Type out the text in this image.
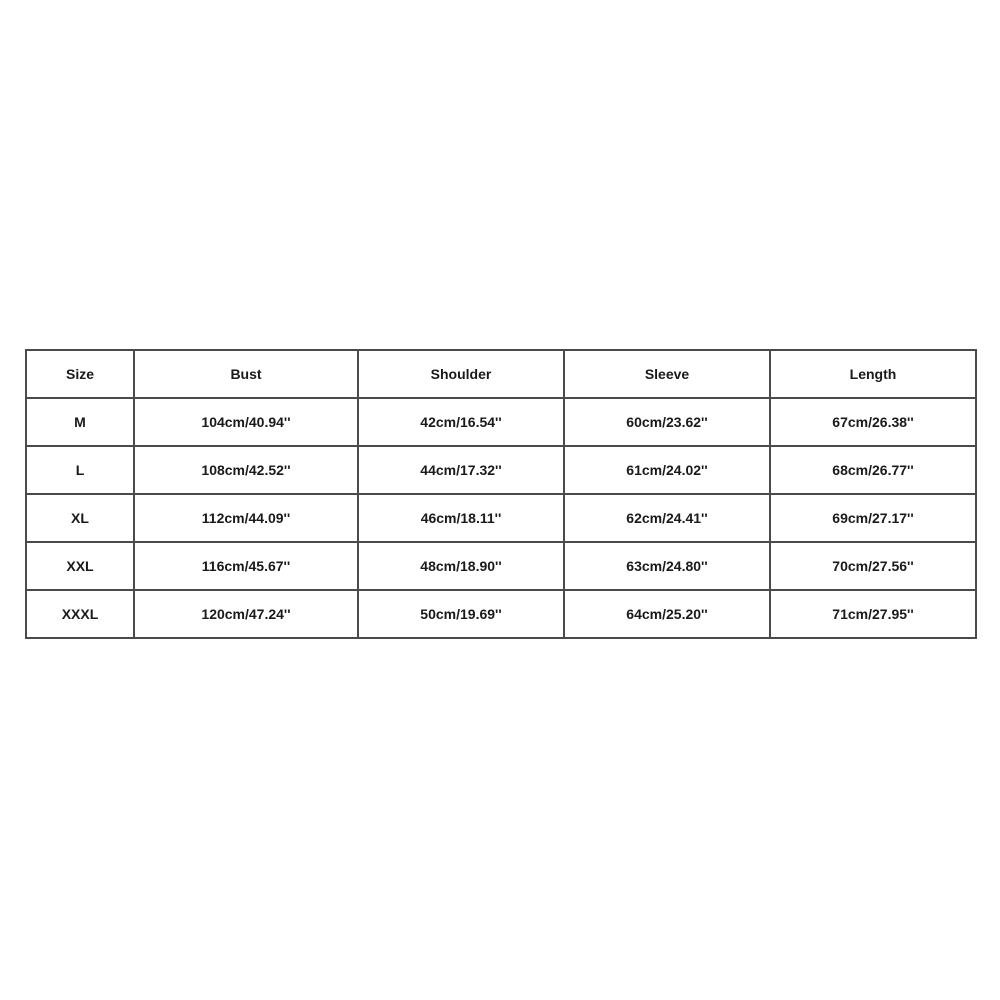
Size	Bust	Shoulder	Sleeve	Length
M	104cm/40.94''	42cm/16.54''	60cm/23.62''	67cm/26.38''
L	108cm/42.52''	44cm/17.32''	61cm/24.02''	68cm/26.77''
XL	112cm/44.09''	46cm/18.11''	62cm/24.41''	69cm/27.17''
XXL	116cm/45.67''	48cm/18.90''	63cm/24.80''	70cm/27.56''
XXXL	120cm/47.24''	50cm/19.69''	64cm/25.20''	71cm/27.95''
